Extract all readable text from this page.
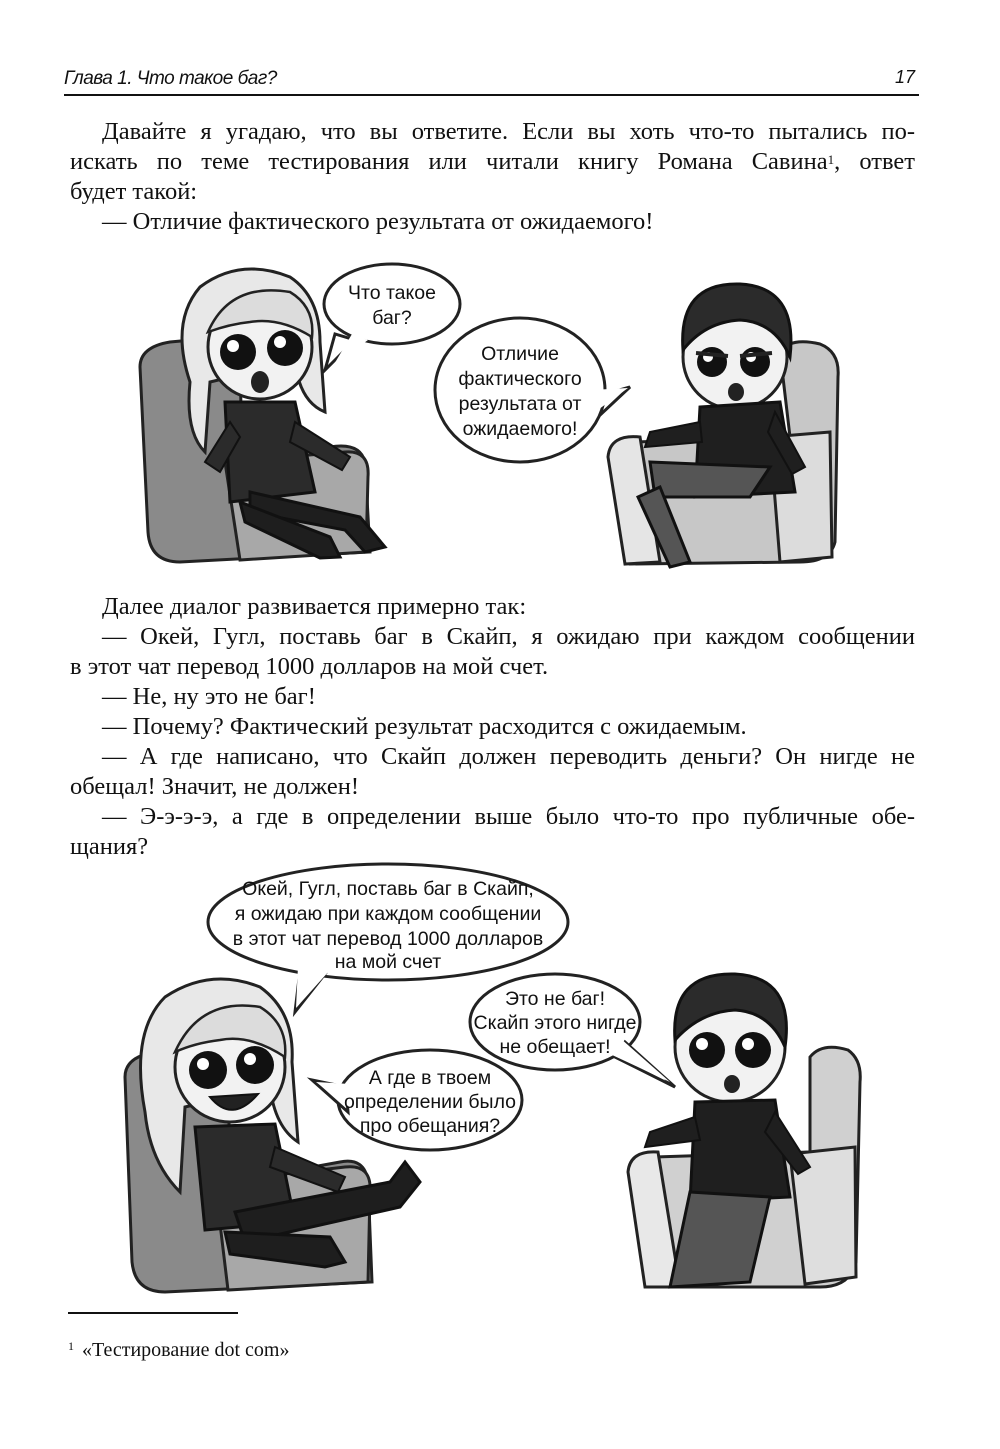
Глава 1. Что такое баг?	17
Давайте я угадаю, что вы ответите. Если вы хоть что-то пытались по-
искать по теме тестирования или читали книгу Романа Савина$^1$, ответ
будет такой:
— Отличие фактического результата от ожидаемого!
Что такое
баг?
Отличие
фактического
результата от
ожидаемого!
Далее диалог развивается примерно так:
— Окей, Гугл, поставь баг в Скайп, я ожидаю при каждом сообщении
в этот чат перевод 1000 долларов на мой счет.
— Не, ну это не баг!
— Почему? Фактический результат расходится с ожидаемым.
— А где написано, что Скайп должен переводить деньги? Он нигде не
обещал! Значит, не должен!
— Э-э-э-э, а где в определении выше было что-то про публичные обе-
щания?
Окей, Гугл, поставь баг в Скайп,
я ожидаю при каждом сообщении
в этот чат перевод 1000 долларов
на мой счет
А где в твоем
определении было
про обещания?
Это не баг!
Скайп этого нигде
не обещает!
$^1$ «Тестирование dot com»
